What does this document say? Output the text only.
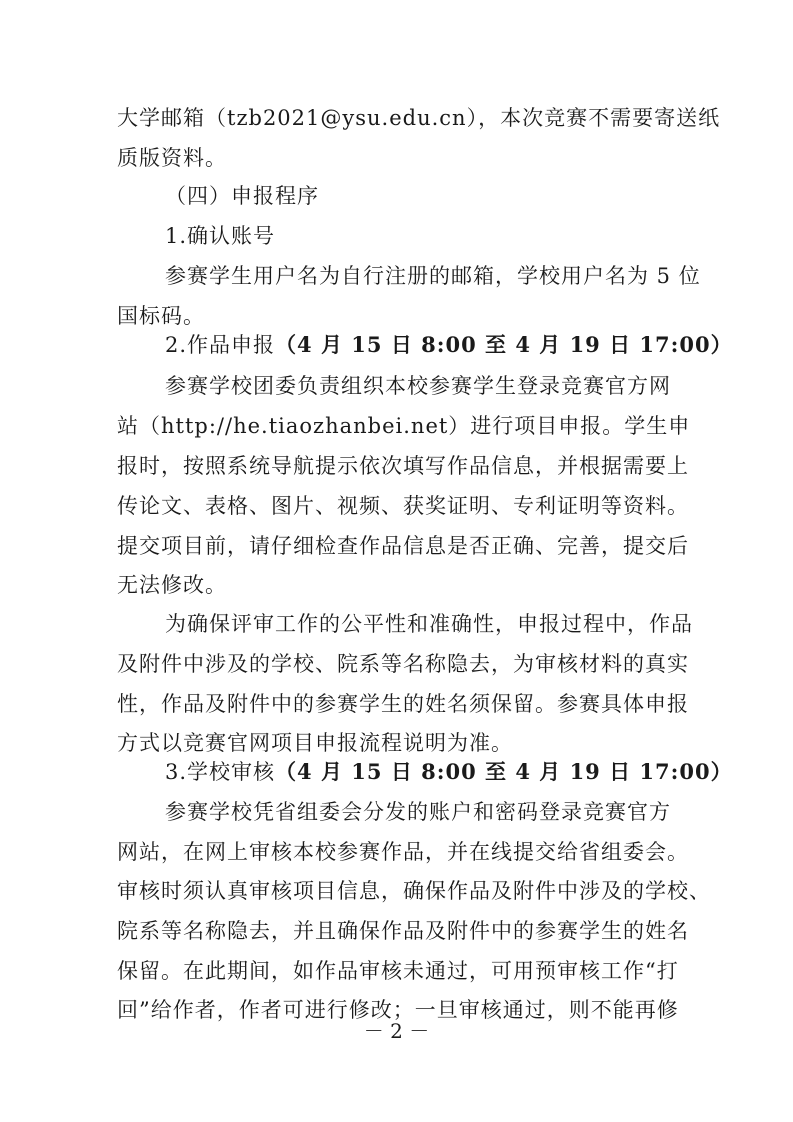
大学邮箱（tzb2021@ysu.edu.cn），本次竞赛不需要寄送纸
质版资料。
（四）申报程序
1.确认账号
参赛学生用户名为自行注册的邮箱，学校用户名为 5 位
国标码。
2.作品申报（4 月 15 日 8:00 至 4 月 19 日 17:00）
参赛学校团委负责组织本校参赛学生登录竞赛官方网
站（http://he.tiaozhanbei.net）进行项目申报。学生申
报时，按照系统导航提示依次填写作品信息，并根据需要上
传论文、表格、图片、视频、获奖证明、专利证明等资料。
提交项目前，请仔细检查作品信息是否正确、完善，提交后
无法修改。
为确保评审工作的公平性和准确性，申报过程中，作品
及附件中涉及的学校、院系等名称隐去，为审核材料的真实
性，作品及附件中的参赛学生的姓名须保留。参赛具体申报
方式以竞赛官网项目申报流程说明为准。
3.学校审核（4 月 15 日 8:00 至 4 月 19 日 17:00）
参赛学校凭省组委会分发的账户和密码登录竞赛官方
网站，在网上审核本校参赛作品，并在线提交给省组委会。
审核时须认真审核项目信息，确保作品及附件中涉及的学校、
院系等名称隐去，并且确保作品及附件中的参赛学生的姓名
保留。在此期间，如作品审核未通过，可用预审核工作“打
回”给作者，作者可进行修改；一旦审核通过，则不能再修
－ 2 －
